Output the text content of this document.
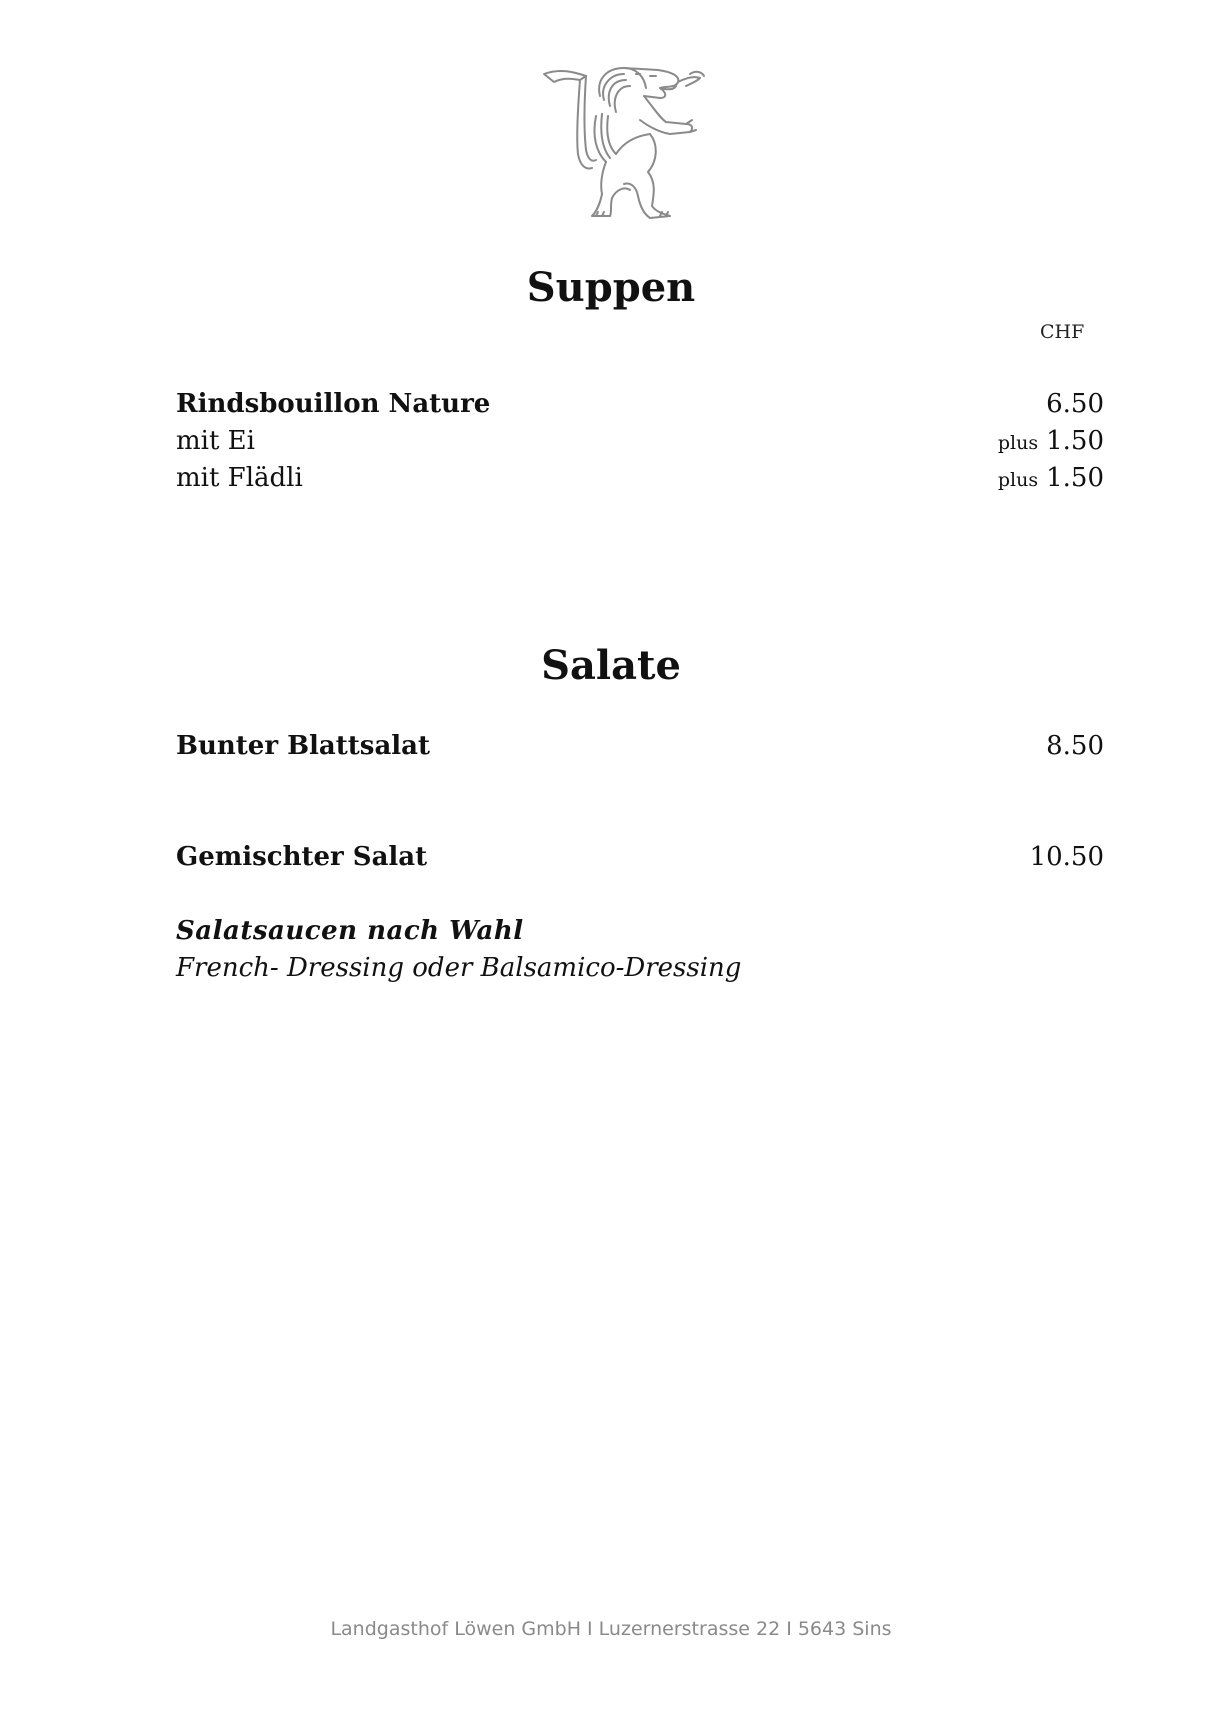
Suppen
CHF
Rindsbouillon Nature	6.50
mit Ei	plus 1.50
mit Flädli	plus 1.50
Salate
Bunter Blattsalat	8.50
Gemischter Salat	10.50
Salatsaucen nach Wahl
French- Dressing oder Balsamico-Dressing
Landgasthof Löwen GmbH I Luzernerstrasse 22 I 5643 Sins
